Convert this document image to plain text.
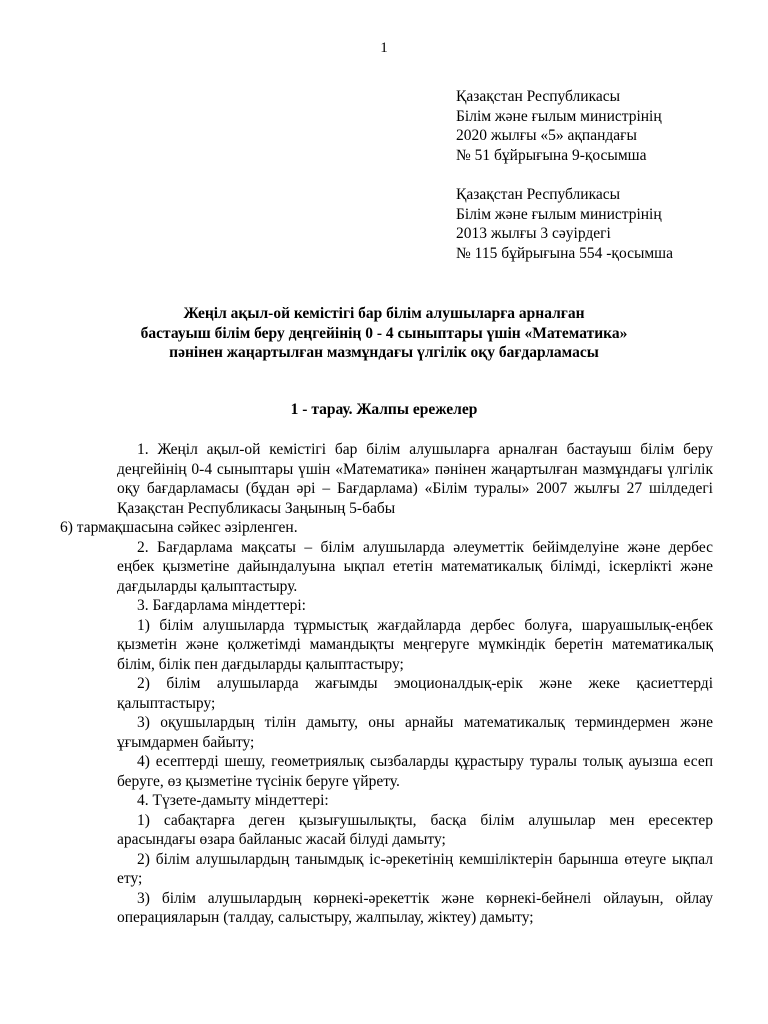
1
Қазақстан Республикасы
Білім және ғылым министрінің
2020 жылғы «5» ақпандағы
№ 51 бұйрығына 9-қосымша
Қазақстан Республикасы
Білім және ғылым министрінің
2013 жылғы 3 сәуірдегі
№ 115 бұйрығына 554 -қосымша
Жеңіл ақыл-ой кемістігі бар білім алушыларға арналған
бастауыш білім беру деңгейінің 0 - 4 сыныптары үшін «Математика»
пәнінен жаңартылған мазмұндағы үлгілік оқу бағдарламасы
1 - тарау. Жалпы ережелер

1. Жеңіл ақыл-ой кемістігі бар білім алушыларға арналған бастауыш білім беру деңгейінің 0-4 сыныптары үшін «Математика» пәнінен жаңартылған мазмұндағы үлгілік оқу бағдарламасы (бұдан әрі – Бағдарлама) «Білім туралы» 2007 жылғы 27 шілдедегі Қазақстан Республикасы Заңының 5-бабы

6) тармақшасына сәйкес әзірленген.

2. Бағдарлама мақсаты – білім алушыларда әлеуметтік бейімделуіне және дербес еңбек қызметіне дайындалуына ықпал ететін математикалық білімді, іскерлікті және дағдыларды қалыптастыру.

3. Бағдарлама міндеттері:

1) білім алушыларда тұрмыстық жағдайларда дербес болуға, шаруашылық-еңбек қызметін және қолжетімді мамандықты меңгеруге мүмкіндік беретін математикалық білім, білік пен дағдыларды қалыптастыру;

2) білім алушыларда жағымды эмоционалдық-ерік және жеке қасиеттерді қалыптастыру;

3) оқушылардың тілін дамыту, оны арнайы математикалық терминдермен және ұғымдармен байыту;

4) есептерді шешу, геометриялық сызбаларды құрастыру туралы толық ауызша есеп беруге, өз қызметіне түсінік беруге үйрету.

4. Түзете-дамыту міндеттері:

1) сабақтарға деген қызығушылықты, басқа білім алушылар мен ересектер арасындағы өзара байланыс жасай білуді дамыту;

2) білім алушылардың танымдық іс-әрекетінің кемшіліктерін барынша өтеуге ықпал ету;

3) білім алушылардың көрнекі-әрекеттік және көрнекі-бейнелі ойлауын, ойлау операцияларын (талдау, салыстыру, жалпылау, жіктеу) дамыту;
